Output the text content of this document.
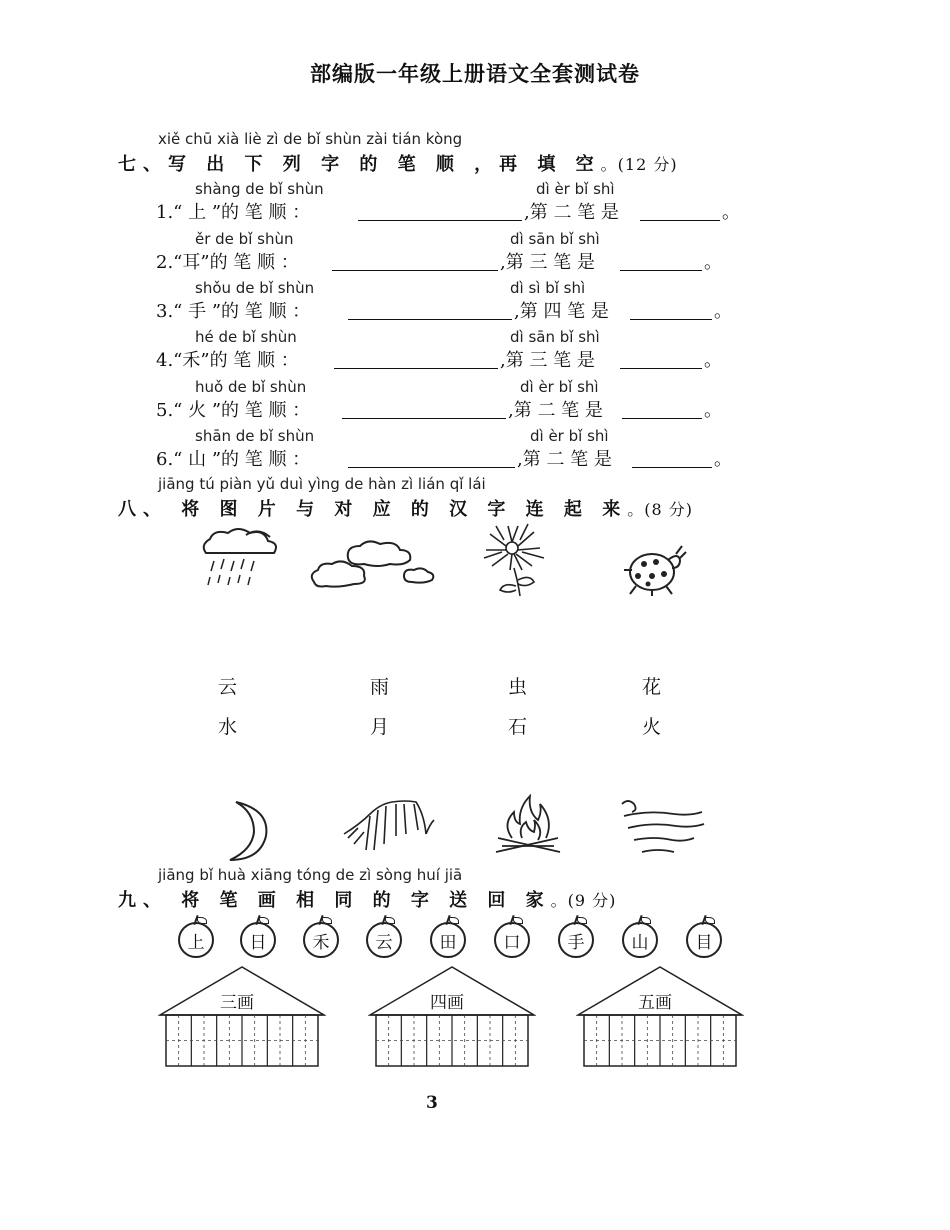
部编版一年级上册语文全套测试卷
xiě chū xià liè zì de bǐ shùn zài tián kòng
七、写 出 下 列 字 的 笔 顺 ，再 填 空。(12 分)
shàng de bǐ shùn	dì èr bǐ shì
1.“ 上 ”的 笔 顺 ：	,第 二 笔 是	。
ěr de bǐ shùn	dì sān bǐ shì
2.“耳”的 笔 顺 ：	,第 三 笔 是	。
shǒu de bǐ shùn	dì sì bǐ shì
3.“ 手 ”的 笔 顺 ：	,第 四 笔 是	。
hé de bǐ shùn	dì sān bǐ shì
4.“禾”的 笔 顺 ：	,第 三 笔 是	。
huǒ de bǐ shùn	dì èr bǐ shì
5.“ 火 ”的 笔 顺 ：	,第 二 笔 是	。
shān de bǐ shùn	dì èr bǐ shì
6.“ 山 ”的 笔 顺 ：	,第 二 笔 是	。
jiāng tú piàn yǔ duì yìng de hàn zì lián qǐ lái
八、 将 图 片 与 对 应 的 汉 字 连 起 来。(8 分)
云	雨	虫	花
水	月	石	火
jiāng bǐ huà xiāng tóng de zì sòng huí jiā
九、 将 笔 画 相 同 的 字 送 回 家。(9 分)
上	日	禾	云	田	口	手	山	目
三画	四画	五画
3
